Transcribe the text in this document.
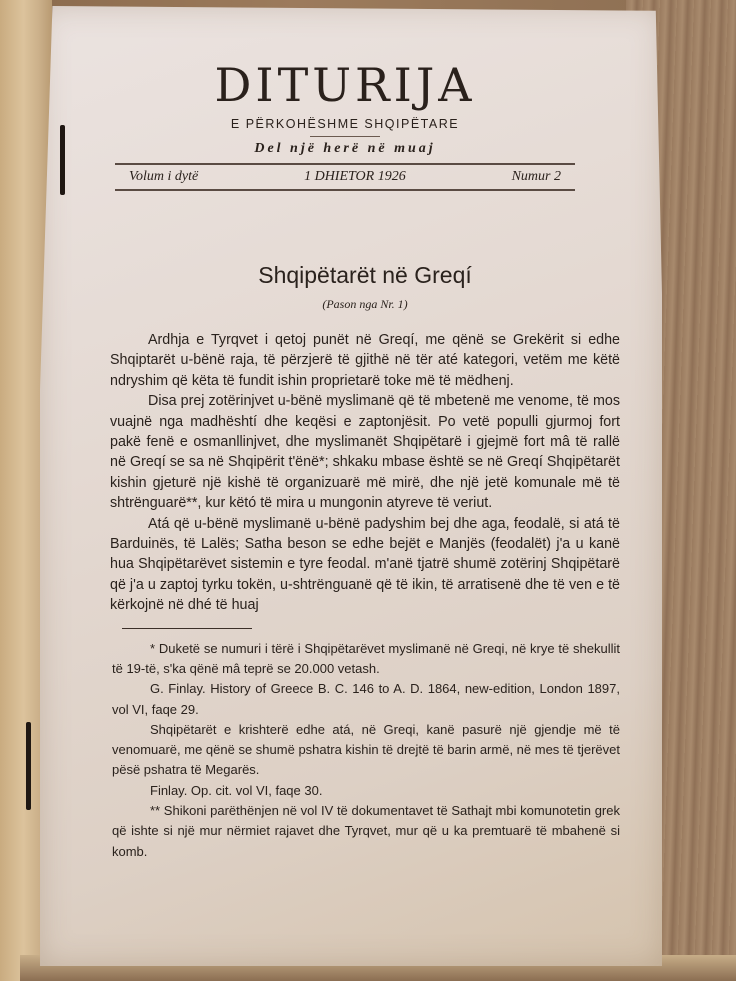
DITURIJA
E PËRKOHËSHME SHQIPËTARE
Del një herë në muaj
Volum i dytë	1 DHIETOR 1926	Numur 2
Shqipëtarët në Greqí
(Pason nga Nr. 1)

Ardhja e Tyrqvet i qetoj punët në Greqí, me qënë se Grekërit si edhe Shqiptarët u-bënë raja, të përzjerë të gjithë në tër até kategori, vetëm me këtë ndryshim që këta të fundit ishin proprietarë toke më të mëdhenj.

Disa prej zotërinjvet u-bënë myslimanë që të mbetenë me venome, të mos vuajnë nga madhështí dhe keqësi e zaptonjësit. Po vetë populli gjurmoj fort pakë fenë e osmanllinjvet, dhe myslimanët Shqipëtarë i gjejmë fort mâ të rallë në Greqí se sa në Shqipërit t'ënë*; shkaku mbase është se në Greqí Shqipëtarët kishin gjeturë një kishë të organizuarë më mirë, dhe një jetë komunale më të shtrënguarë**, kur këtó të mira u mungonin atyreve të veriut.

Atá që u-bënë myslimanë u-bënë padyshim bej dhe aga, feodalë, si atá të Barduinës, të Lalës; Satha beson se edhe bejët e Manjës (feodalët) j'a u kanë hua Shqipëtarëvet sistemin e tyre feodal. m'anë tjatrë shumë zotërinj Shqipëtarë që j'a u zaptoj tyrku tokën, u-shtrënguanë që të ikin, të arratisenë dhe të ven e të kërkojnë në dhé të huaj

* Duketë se numuri i tërë i Shqipëtarëvet myslimanë në Greqi, në krye të shekullit të 19-të, s'ka qënë mâ teprë se 20.000 vetash.

G. Finlay. History of Greece B. C. 146 to A. D. 1864, new-edition, London 1897, vol VI, faqe 29.

Shqipëtarët e krishterë edhe atá, në Greqi, kanë pasurë një gjendje më të venomuarë, me qënë se shumë pshatra kishin të drejtë të barin armë, në mes të tjerëvet pësë pshatra të Megarës.

Finlay. Op. cit. vol VI, faqe 30.

** Shikoni parëthënjen në vol IV të dokumentavet të Sathajt mbi komunotetin grek që ishte si një mur nërmiet rajavet dhe Tyrqvet, mur që u ka premtuarë të mbahenë si komb.
